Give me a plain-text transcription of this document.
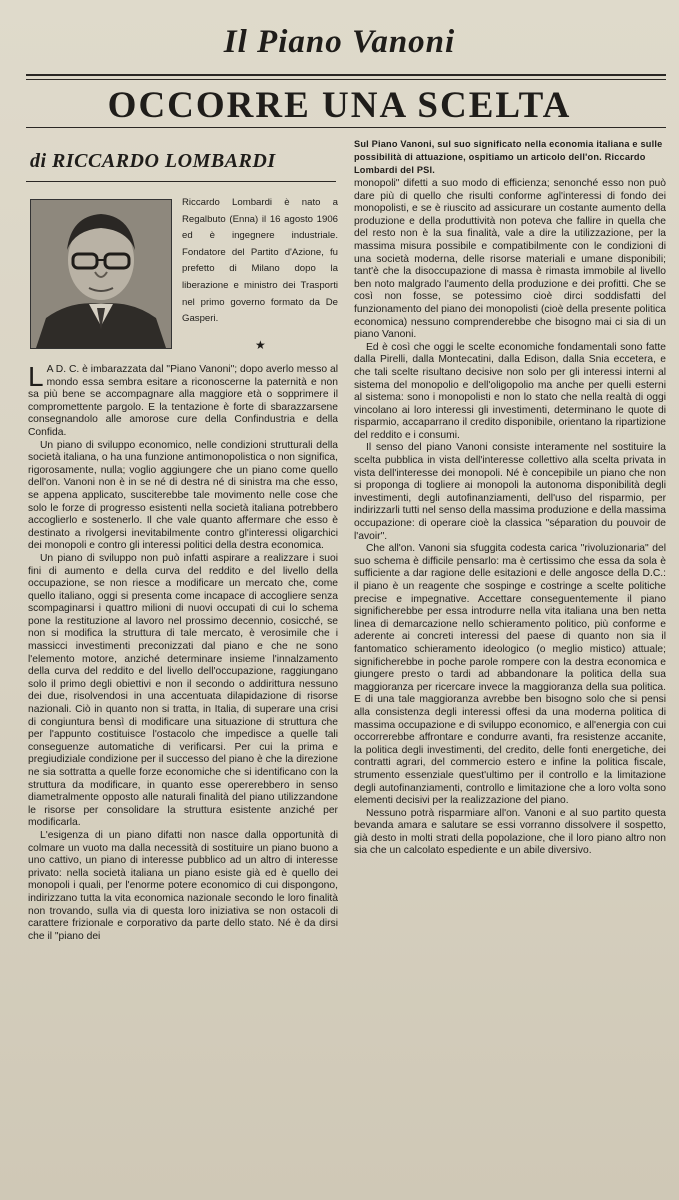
Il Piano Vanoni
OCCORRE UNA SCELTA
di RICCARDO LOMBARDI
Riccardo Lombardi è nato a Regalbuto (Enna) il 16 agosto 1906 ed è ingegnere industriale. Fondatore del Partito d'Azione, fu prefetto di Milano dopo la liberazione e ministro dei Trasporti nel primo governo formato da De Gasperi.
★
Sul Piano Vanoni, sul suo significato nella economia italiana e sulle possibilità di attuazione, ospitiamo un articolo dell'on. Riccardo Lombardi del PSI.

L A D. C. è imbarazzata dal "Piano Vanoni"; dopo averlo messo al mondo essa sembra esitare a riconoscerne la paternità e non sa più bene se accompagnare alla maggiore età o sopprimere il compromettente pargolo. E la tentazione è forte di sbarazzarsene consegnandolo alle amorose cure della Confindustria e della Confida.

Un piano di sviluppo economico, nelle condizioni strutturali della società italiana, o ha una funzione antimonopolistica o non significa, rigorosamente, nulla; voglio aggiungere che un piano come quello dell'on. Vanoni non è in se né di destra né di sinistra ma che esso, se appena applicato, susciterebbe tale movimento nelle cose che solo le forze di progresso esistenti nella società italiana potrebbero accoglierlo e sostenerlo. Il che vale quanto affermare che esso è destinato a rivolgersi inevitabilmente contro gl'interessi oligarchici dei monopoli e contro gli interessi politici della destra economica.

Un piano di sviluppo non può infatti aspirare a realizzare i suoi fini di aumento e della curva del reddito e del livello della occupazione, se non riesce a modificare un mercato che, come quello italiano, oggi si presenta come incapace di accogliere senza scompaginarsi i quattro milioni di nuovi occupati di cui lo schema pone la restituzione al lavoro nel prossimo decennio, cosicché, se non si modifica la struttura di tale mercato, è verosimile che i massicci investimenti preconizzati dal piano e che ne sono l'elemento motore, anziché determinare insieme l'innalzamento della curva del reddito e del livello dell'occupazione, raggiungano solo il primo degli obiettivi e non il secondo o addirittura nessuno dei due, risolvendosi in una accentuata dilapidazione di risorse nazionali. Ciò in quanto non si tratta, in Italia, di superare una crisi di congiuntura bensì di modificare una situazione di struttura che per l'appunto costituisce l'ostacolo che impedisce a quelle tali conseguenze automatiche di verificarsi. Per cui la prima e pregiudiziale condizione per il successo del piano è che la direzione ne sia sottratta a quelle forze economiche che si identificano con la struttura da modificare, in quanto esse opererebbero in senso diametralmente opposto alle naturali finalità del piano utilizzandone le risorse per consolidare la struttura esistente anziché per modificarla.

L'esigenza di un piano difatti non nasce dalla opportunità di colmare un vuoto ma dalla necessità di sostituire un piano buono a uno cattivo, un piano di interesse pubblico ad un altro di interesse privato: nella società italiana un piano esiste già ed è quello dei monopoli i quali, per l'enorme potere economico di cui dispongono, indirizzano tutta la vita economica nazionale secondo le loro finalità non trovando, sulla via di questa loro iniziativa se non ostacoli di carattere frizionale e corporativo da parte dello stato. Né è da dirsi che il "piano dei

monopoli" difetti a suo modo di efficienza; senonché esso non può dare più di quello che risulti conforme agl'interessi di fondo dei monopolisti, e se è riuscito ad assicurare un costante aumento della produzione e della produttività non poteva che fallire in quella che del resto non è la sua finalità, vale a dire la utilizzazione, per la massima misura possibile e compatibilmente con le condizioni di una società moderna, delle risorse materiali e umane disponibili; tant'è che la disoccupazione di massa è rimasta immobile al livello ben noto malgrado l'aumento della produzione e dei profitti. Che se così non fosse, se potessimo cioè dirci soddisfatti del funzionamento del piano dei monopolisti (cioè della presente politica economica) nessuno comprenderebbe che bisogno mai ci sia di un piano Vanoni.

Ed è così che oggi le scelte economiche fondamentali sono fatte dalla Pirelli, dalla Montecatini, dalla Edison, dalla Snia eccetera, e che tali scelte risultano decisive non solo per gli interessi interni al sistema del monopolio e dell'oligopolio ma anche per quelli esterni al sistema: sono i monopolisti e non lo stato che nella realtà di oggi vincolano ai loro interessi gli investimenti, determinano le quote di risparmio, accaparrano il credito disponibile, orientano la ripartizione del reddito e i consumi.

Il senso del piano Vanoni consiste interamente nel sostituire la scelta pubblica in vista dell'interesse collettivo alla scelta privata in vista dell'interesse dei monopoli. Né è concepibile un piano che non si proponga di togliere ai monopoli la autonoma disponibilità degli investimenti, degli autofinanziamenti, dell'uso del risparmio, per indirizzarli tutti nel senso della massima produzione e della massima occupazione: di operare cioè la classica "séparation du pouvoir de l'avoir".

Che all'on. Vanoni sia sfuggita codesta carica "rivoluzionaria" del suo schema è difficile pensarlo: ma è certissimo che essa da sola è sufficiente a dar ragione delle esitazioni e delle angosce della D.C.: il piano è un reagente che sospinge e costringe a scelte politiche precise e impegnative. Accettare conseguentemente il piano significherebbe per essa introdurre nella vita italiana una ben netta linea di demarcazione nello schieramento politico, più conforme e aderente ai concreti interessi del paese di quanto non sia il fantomatico schieramento ideologico (o meglio mistico) attuale; significherebbe in poche parole rompere con la destra economica e giungere presto o tardi ad abbandonare la politica della sua maggioranza per ricercare invece la maggioranza della sua politica. E di una tale maggioranza avrebbe ben bisogno solo che si pensi alla consistenza degli interessi offesi da una moderna politica di massima occupazione e di sviluppo economico, e all'energia con cui occorrerebbe affrontare e condurre avanti, fra resistenze accanite, la politica degli investimenti, del credito, delle fonti energetiche, dei contratti agrari, del commercio estero e infine la politica fiscale, strumento essenziale quest'ultimo per il controllo e la limitazione degli autofinanziamenti, controllo e limitazione che a loro volta sono elementi decisivi per la realizzazione del piano.

Nessuno potrà risparmiare all'on. Vanoni e al suo partito questa bevanda amara e salutare se essi vorranno dissolvere il sospetto, già desto in molti strati della popolazione, che il loro piano altro non sia che un calcolato espediente e un abile diversivo.
